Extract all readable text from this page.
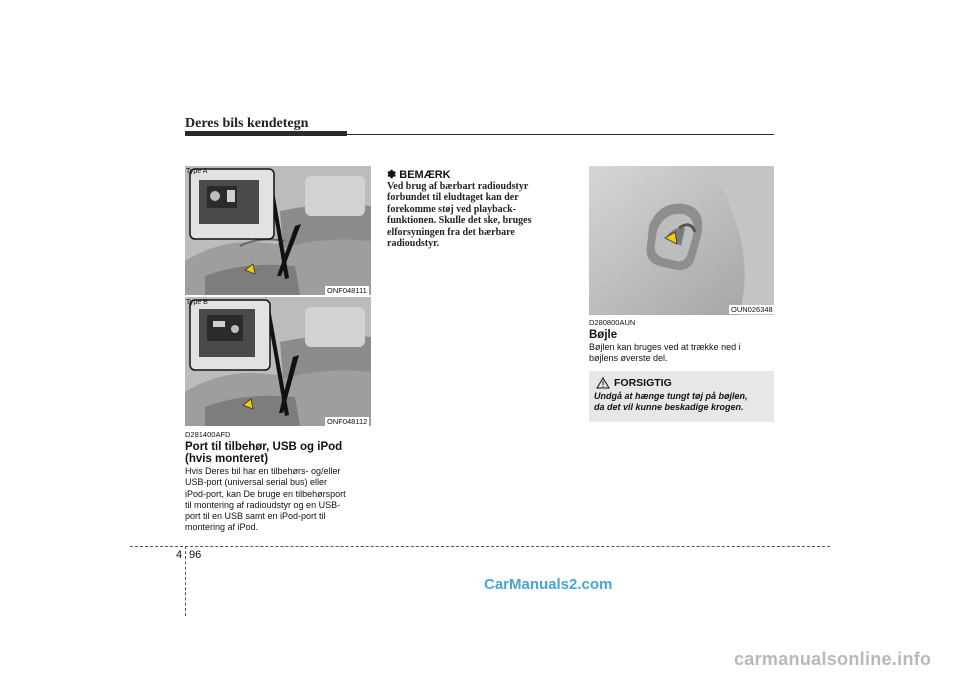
Deres bils kendetegn
Type A
ONF048111
Type B
ONF048112
D281400AFD
Port til tilbehør, USB og iPod
(hvis monteret)
Hvis Deres bil har en tilbehørs- og/eller
USB-port (universal serial bus) eller
iPod-port, kan De bruge en tilbehørsport
til montering af radioudstyr og en USB-
port til en USB samt en iPod-port til
montering af iPod.
✽ BEMÆRK
Ved brug af bærbart radioudstyr
forbundet til eludtaget kan der
forekomme støj ved playback-
funktionen. Skulle det ske, bruges
elforsyningen fra det bærbare
radioudstyr.
OUN026348
D280800AUN
Bøjle
Bøjlen kan bruges ved at trække ned i
bøjlens øverste del.
FORSIGTIG
Undgå at hænge tungt tøj på bøjlen,
da det vil kunne beskadige krogen.
4 96
CarManuals2.com
carmanualsonline.info
